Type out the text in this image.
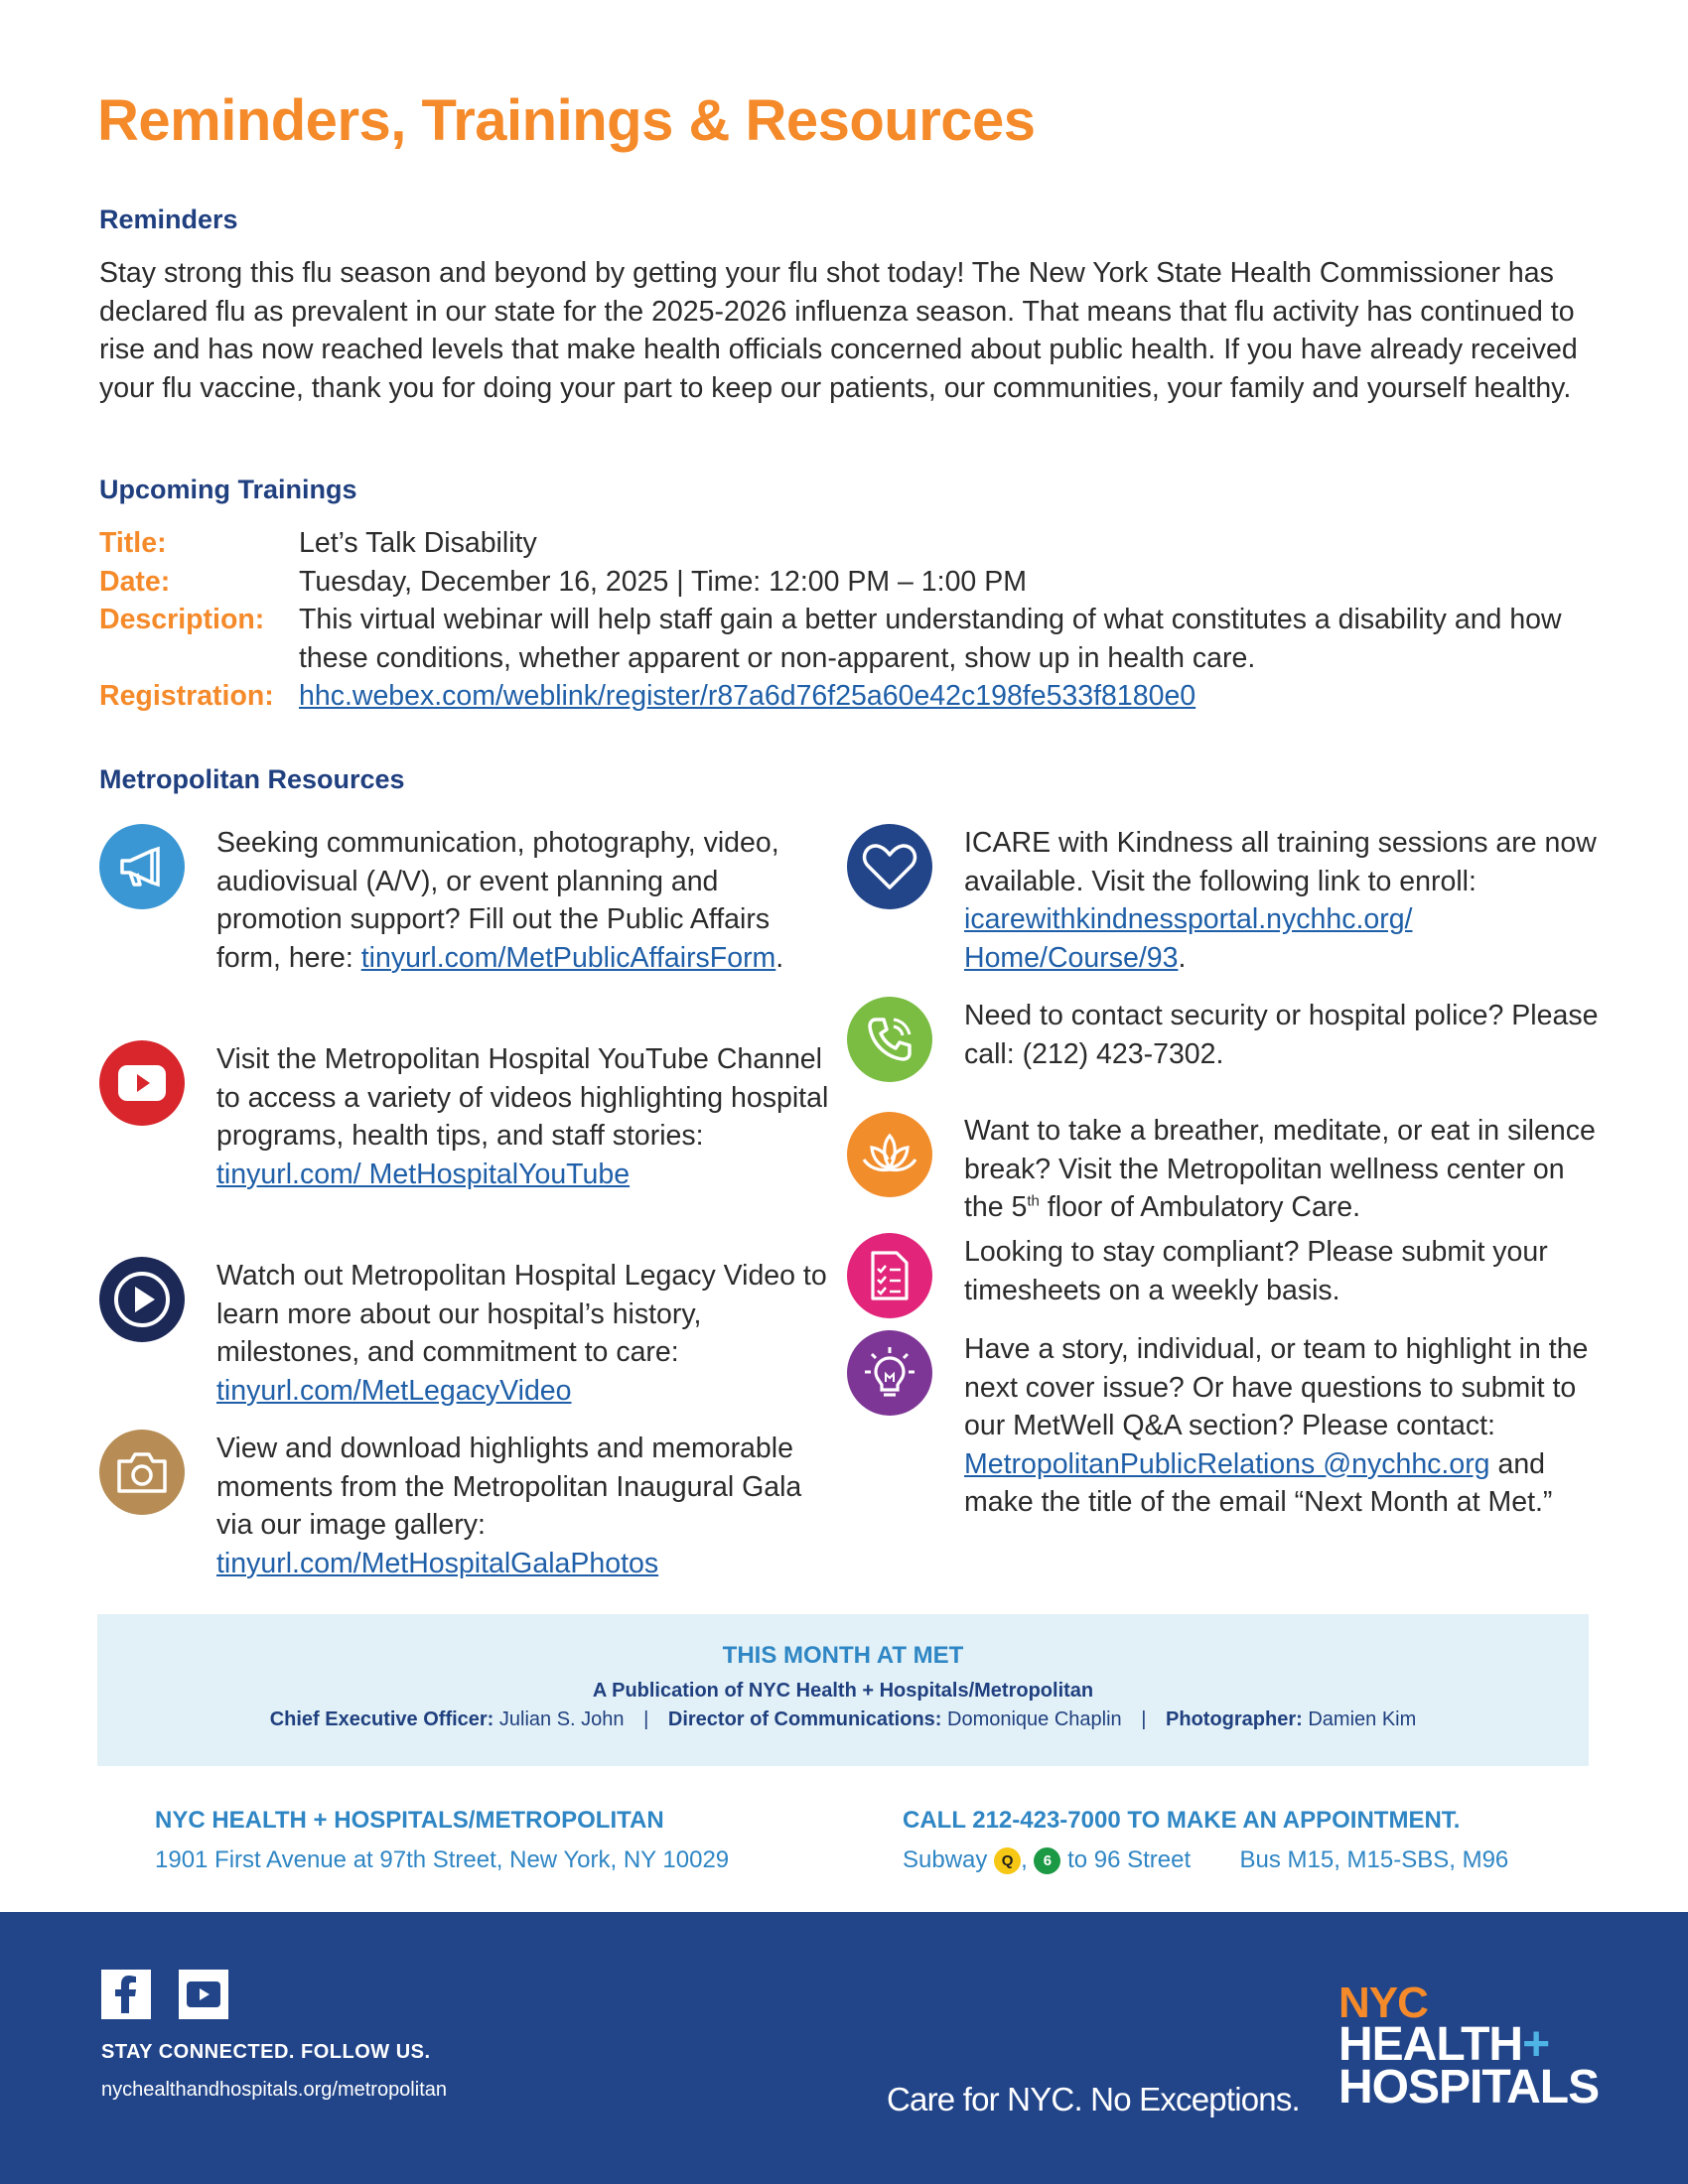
Reminders, Trainings & Resources
Reminders
Stay strong this flu season and beyond by getting your flu shot today! The New York State Health Commissioner has declared flu as prevalent in our state for the 2025-2026 influenza season. That means that flu activity has continued to rise and has now reached levels that make health officials concerned about public health. If you have already received your flu vaccine, thank you for doing your part to keep our patients, our communities, your family and yourself healthy.
Upcoming Trainings
Title:	Let’s Talk Disability
Date:	Tuesday, December 16, 2025 | Time: 12:00 PM – 1:00 PM
Description:	This virtual webinar will help staff gain a better understanding of what constitutes a disability and how these conditions, whether apparent or non-apparent, show up in health care.
Registration: hhc.webex.com/weblink/register/r87a6d76f25a60e42c198fe533f8180e0
Metropolitan Resources
Seeking communication, photography, video, audiovisual (A/V), or event planning and promotion support? Fill out the Public Affairs form, here: tinyurl.com/MetPublicAffairsForm.
Visit the Metropolitan Hospital YouTube Channel to access a variety of videos highlighting hospital programs, health tips, and staff stories: tinyurl.com/ MetHospitalYouTube
Watch out Metropolitan Hospital Legacy Video to learn more about our hospital’s history, milestones, and commitment to care: tinyurl.com/MetLegacyVideo
View and download highlights and memorable moments from the Metropolitan Inaugural Gala via our image gallery: tinyurl.com/MetHospitalGalaPhotos
ICARE with Kindness all training sessions are now available. Visit the following link to enroll: icarewithkindnessportal.nychhc.org/ Home/Course/93.
Need to contact security or hospital police? Please call: (212) 423-7302.
Want to take a breather, meditate, or eat in silence break? Visit the Metropolitan wellness center on the 5th floor of Ambulatory Care.
Looking to stay compliant? Please submit your timesheets on a weekly basis.
Have a story, individual, or team to highlight in the next cover issue? Or have questions to submit to our MetWell Q&A section? Please contact: MetropolitanPublicRelations @nychhc.org and make the title of the email “Next Month at Met.”
THIS MONTH AT MET
A Publication of NYC Health + Hospitals/Metropolitan
Chief Executive Officer: Julian S. John | Director of Communications: Domonique Chaplin | Photographer: Damien Kim
NYC HEALTH + HOSPITALS/METROPOLITAN
1901 First Avenue at 97th Street, New York, NY 10029
CALL 212-423-7000 TO MAKE AN APPOINTMENT.
Subway Q , 6 to 96 Street Bus M15, M15-SBS, M96
STAY CONNECTED. FOLLOW US.
nychealthandhospitals.org/metropolitan	Care for NYC. No Exceptions.
NYC
HEALTH+
HOSPITALS
